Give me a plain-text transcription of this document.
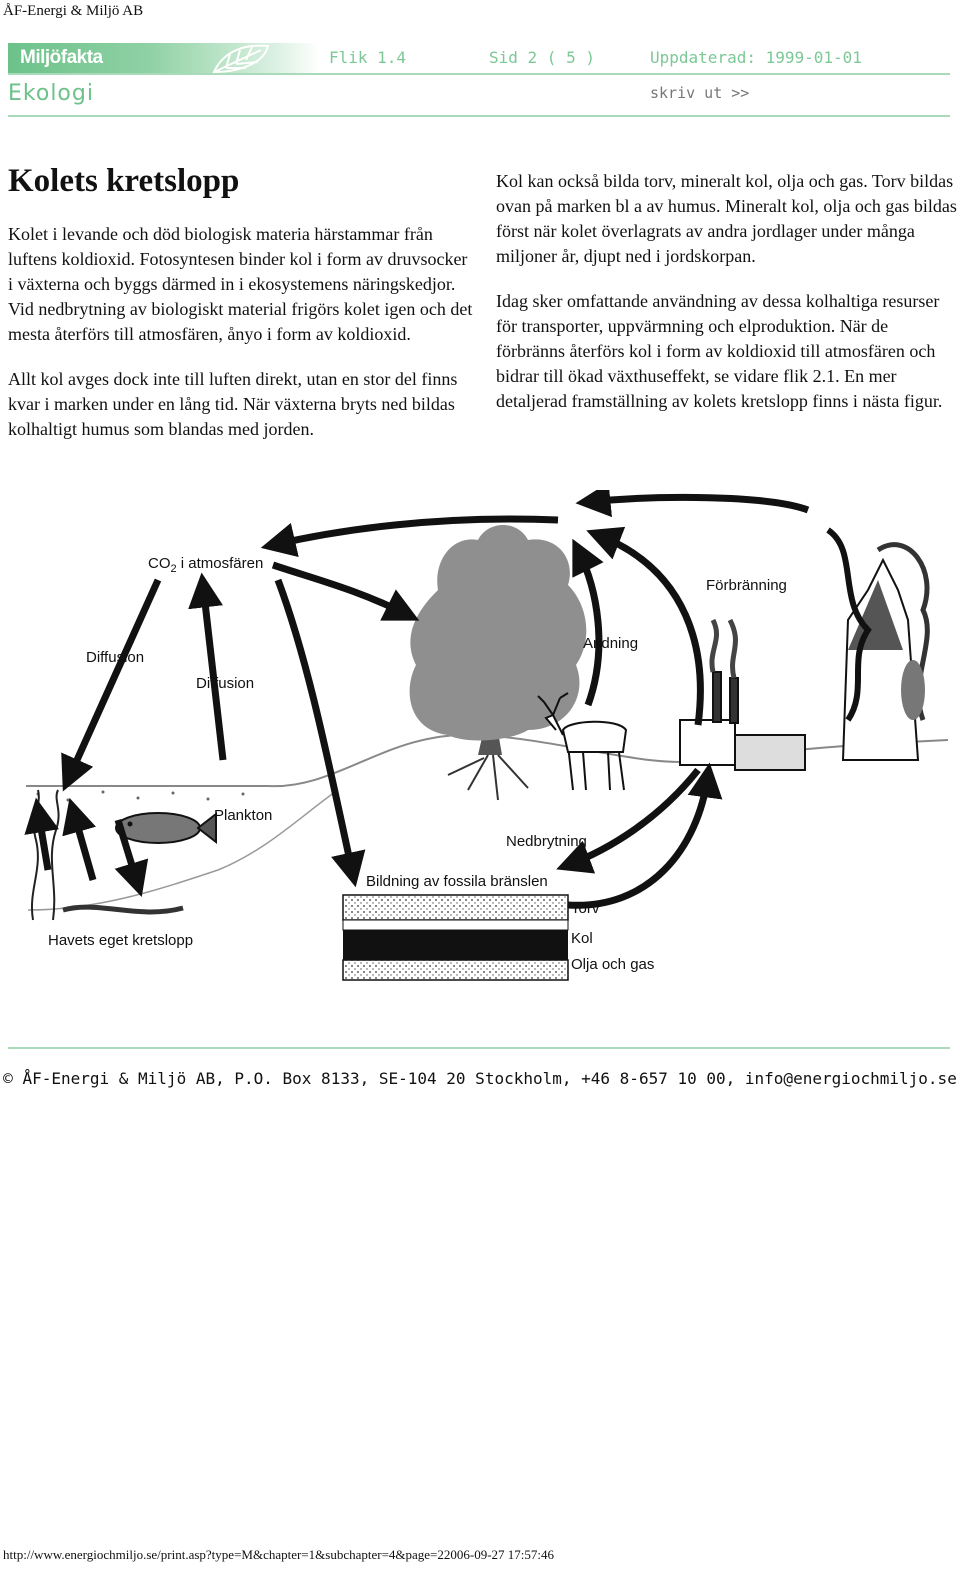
ÅF-Energi & Miljö AB
Miljöfakta	Flik 1.4	Sid 2 ( 5 )	Uppdaterad: 1999-01-01
Ekologi	skriv ut >>
Kolets kretslopp

Kolet i levande och död biologisk materia härstammar från luftens koldioxid. Fotosyntesen binder kol i form av druvsocker i växterna och byggs därmed in i ekosystemens näringskedjor. Vid nedbrytning av biologiskt material frigörs kolet igen och det mesta återförs till atmosfären, ånyo i form av koldioxid.

Allt kol avges dock inte till luften direkt, utan en stor del finns kvar i marken under en lång tid. När växterna bryts ned bildas kolhaltigt humus som blandas med jorden.

Kol kan också bilda torv, mineralt kol, olja och gas. Torv bildas ovan på marken bl a av humus. Mineralt kol, olja och gas bildas först när kolet överlagrats av andra jordlager under många miljoner år, djupt ned i jordskorpan.

Idag sker omfattande användning av dessa kolhaltiga resurser för transporter, uppvärmning och elproduktion. När de förbränns återförs kol i form av koldioxid till atmosfären och bidrar till ökad växthuseffekt, se vidare flik 2.1. En mer detaljerad framställning av kolets kretslopp finns i nästa figur.

$CO_2$ i atmosfären
Diffusion
Diffusion
Andning
Förbränning
Plankton
Nedbrytning
Bildning av fossila bränslen
Havets eget kretslopp
Torv
Kol
Olja och gas
© ÅF-Energi & Miljö AB, P.O. Box 8133, SE-104 20 Stockholm, +46 8-657 10 00, info@energiochmiljo.se
http://www.energiochmiljo.se/print.asp?type=M&chapter=1&subchapter=4&page=22006-09-27 17:57:46
